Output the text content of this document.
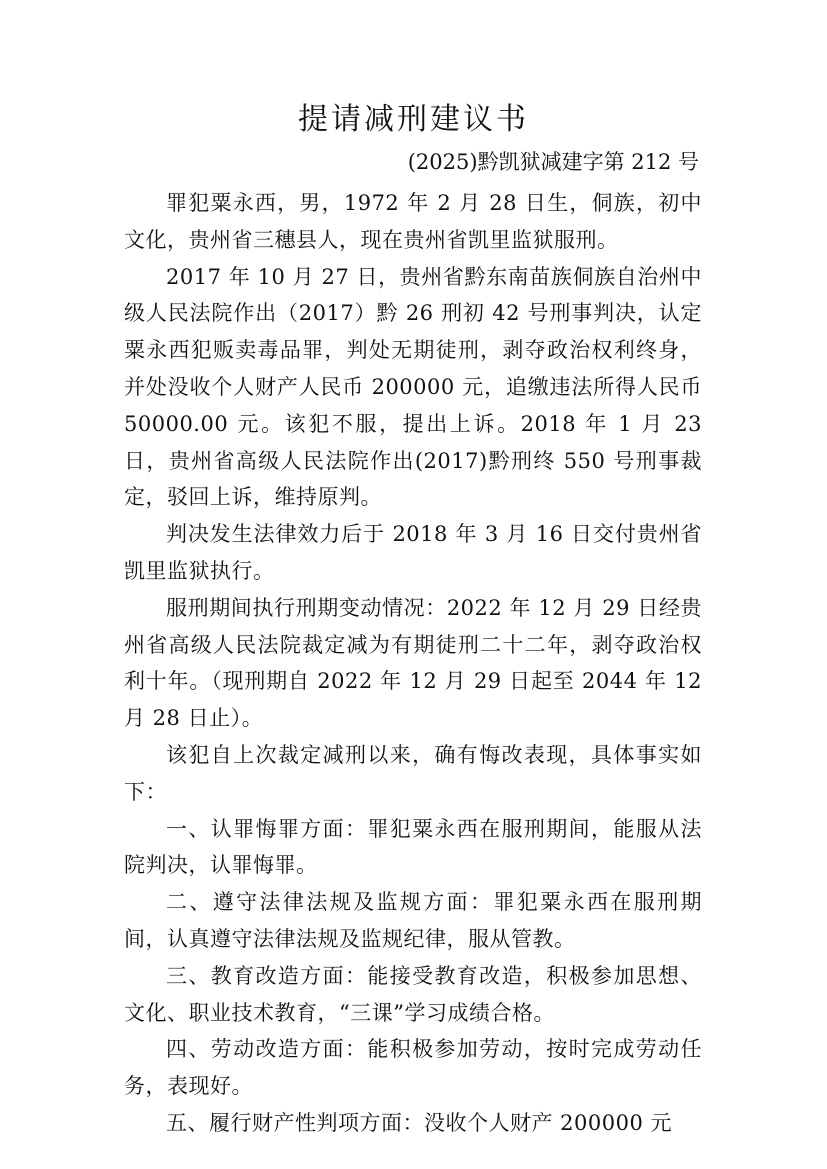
提请减刑建议书
(2025)黔凯狱减建字第 212 号

罪犯粟永西，男，1972 年 2 月 28 日生，侗族，初中文化，贵州省三穗县人，现在贵州省凯里监狱服刑。

2017 年 10 月 27 日，贵州省黔东南苗族侗族自治州中级人民法院作出（2017）黔 26 刑初 42 号刑事判决，认定粟永西犯贩卖毒品罪，判处无期徒刑，剥夺政治权利终身，并处没收个人财产人民币 200000 元，追缴违法所得人民币 50000.00 元。该犯不服，提出上诉。2018 年 1 月 23 日，贵州省高级人民法院作出(2017)黔刑终 550 号刑事裁定，驳回上诉，维持原判。

判决发生法律效力后于 2018 年 3 月 16 日交付贵州省凯里监狱执行。

服刑期间执行刑期变动情况：2022 年 12 月 29 日经贵州省高级人民法院裁定减为有期徒刑二十二年，剥夺政治权利十年。（现刑期自 2022 年 12 月 29 日起至 2044 年 12 月 28 日止）。

该犯自上次裁定减刑以来，确有悔改表现，具体事实如下：

一、认罪悔罪方面：罪犯粟永西在服刑期间，能服从法院判决，认罪悔罪。

二、遵守法律法规及监规方面：罪犯粟永西在服刑期间，认真遵守法律法规及监规纪律，服从管教。

三、教育改造方面：能接受教育改造，积极参加思想、文化、职业技术教育，“三课”学习成绩合格。

四、劳动改造方面：能积极参加劳动，按时完成劳动任务，表现好。

五、履行财产性判项方面：没收个人财产 200000 元
